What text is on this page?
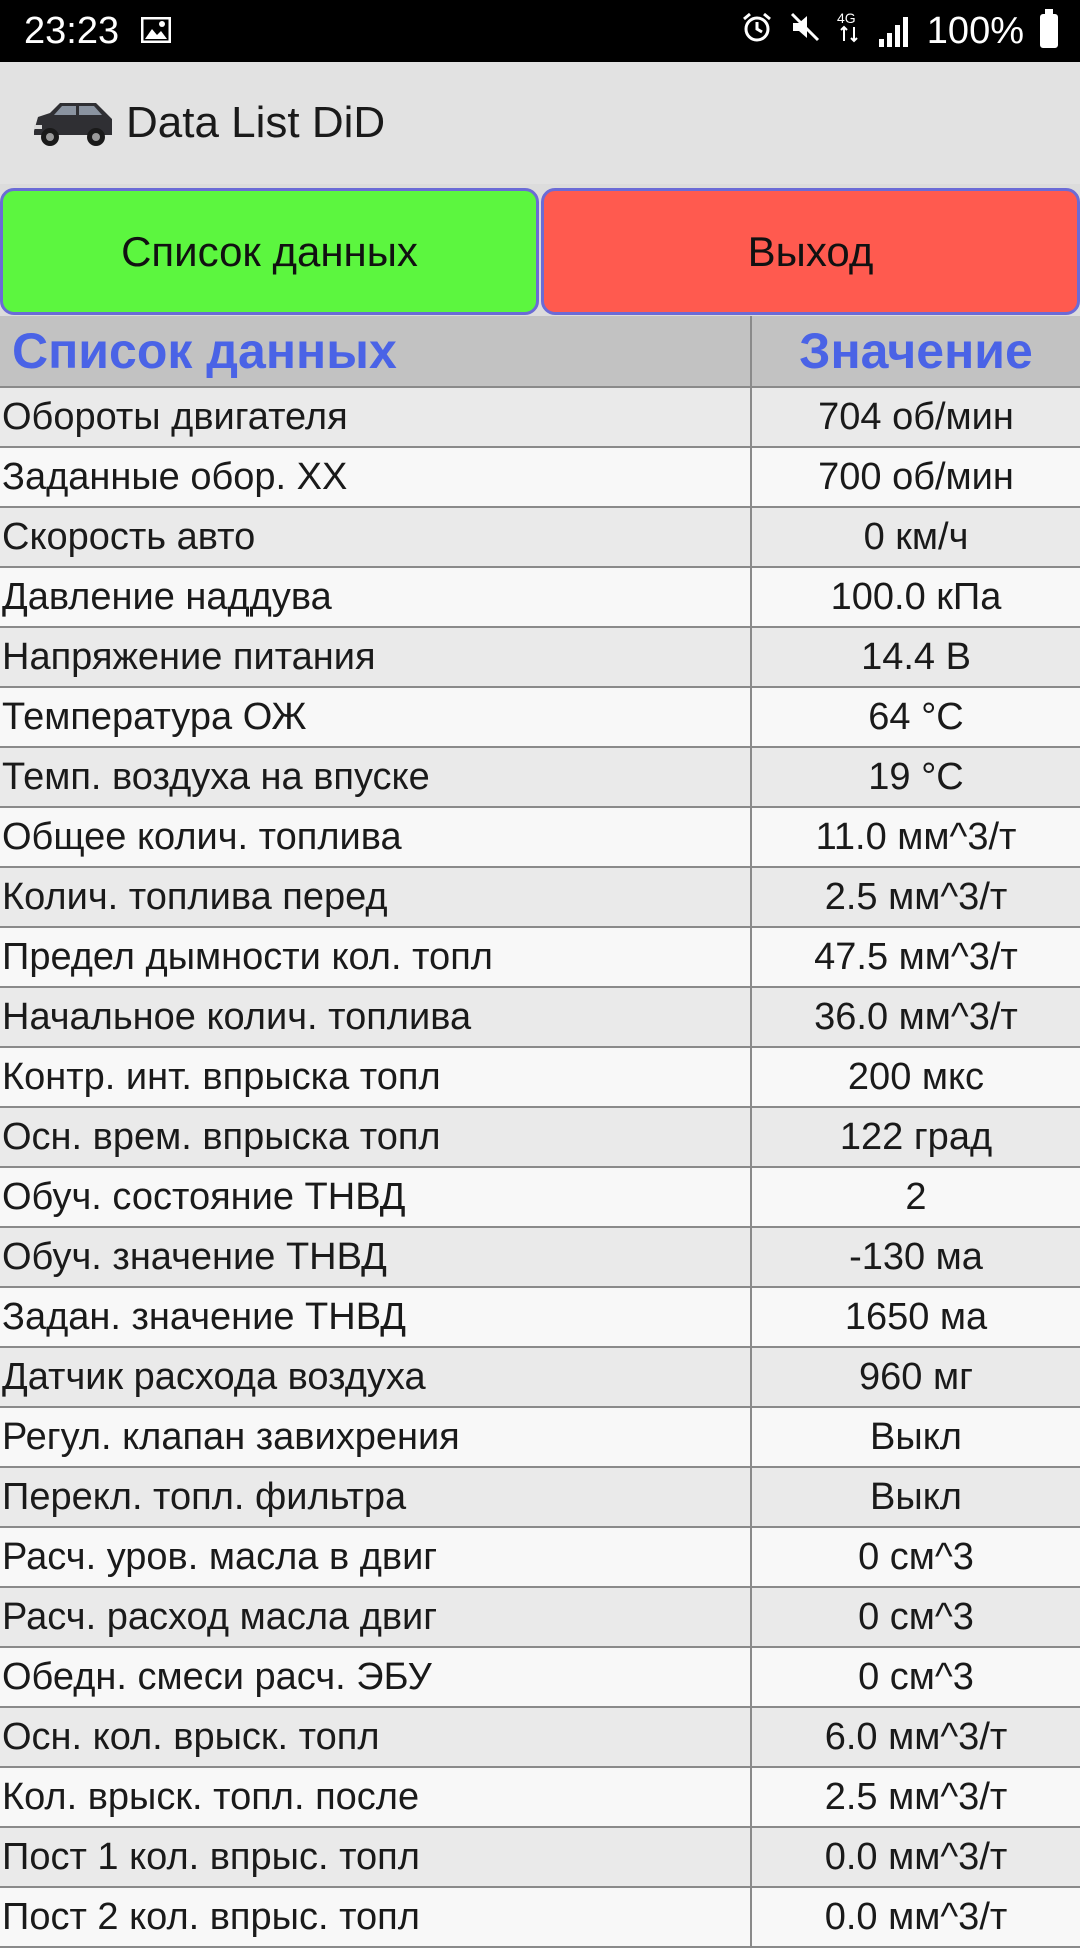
23:23	4G 100%
Data List DiD
Список данных	Выход
Список данных	Значение
Обороты двигателя	704 об/мин
Заданные обор. XX	700 об/мин
Скорость авто	0 км/ч
Давление наддува	100.0 кПа
Напряжение питания	14.4 В
Температура ОЖ	64 °C
Темп. воздуха на впуске	19 °C
Общее колич. топлива	11.0 мм^3/т
Колич. топлива перед	2.5 мм^3/т
Предел дымности кол. топл	47.5 мм^3/т
Начальное колич. топлива	36.0 мм^3/т
Контр. инт. впрыска топл	200 мкс
Осн. врем. впрыска топл	122 град
Обуч. состояние ТНВД	2
Обуч. значение ТНВД	-130 ма
Задан. значение ТНВД	1650 ма
Датчик расхода воздуха	960 мг
Регул. клапан завихрения	Выкл
Перекл. топл. фильтра	Выкл
Расч. уров. масла в двиг	0 см^3
Расч. расход масла двиг	0 см^3
Обедн. смеси расч. ЭБУ	0 см^3
Осн. кол. врыск. топл	6.0 мм^3/т
Кол. врыск. топл. после	2.5 мм^3/т
Пост 1 кол. впрыс. топл	0.0 мм^3/т
Пост 2 кол. впрыс. топл	0.0 мм^3/т
